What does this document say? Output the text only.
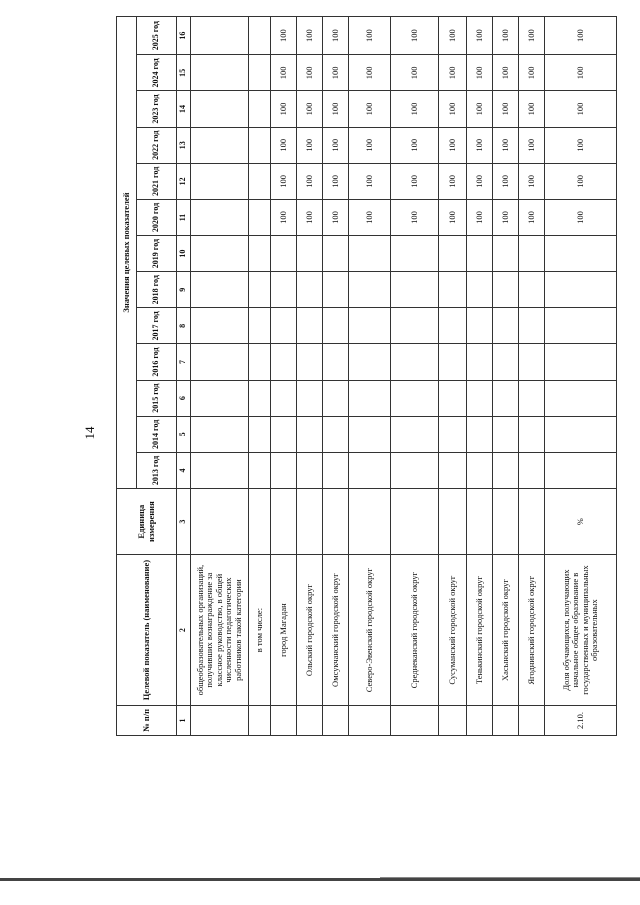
14
№ п/п	Целевой показатель (наименование)	Единица измерения	Значения целевых показателей												
			2013 год	2014 год	2015 год	2016 год	2017 год	2018 год	2019 год	2020 год	2021 год	2022 год	2023 год	2024 год	2025 год
1	2	3	4	5	6	7	8	9	10	11	12	13	14	15	16
	общеобразовательных организаций, получивших вознаграждение за классное руководство, в общей численности педагогических работников такой категории														
	в том числе:														
	город Магадан									100	100	100	100	100	100
	Ольский городской округ									100	100	100	100	100	100
	Омсукчанский городской округ									100	100	100	100	100	100
	Северо-Эвенский городской округ									100	100	100	100	100	100
	Среднеканский городской округ									100	100	100	100	100	100
	Сусуманский городской округ									100	100	100	100	100	100
	Тенькинский городской округ									100	100	100	100	100	100
	Хасынский городской округ									100	100	100	100	100	100
	Ягоднинский городской округ									100	100	100	100	100	100
2.10.	Доля обучающихся, получающих начальное общее образование в государственных и муниципальных образовательных	%								100	100	100	100	100	100
